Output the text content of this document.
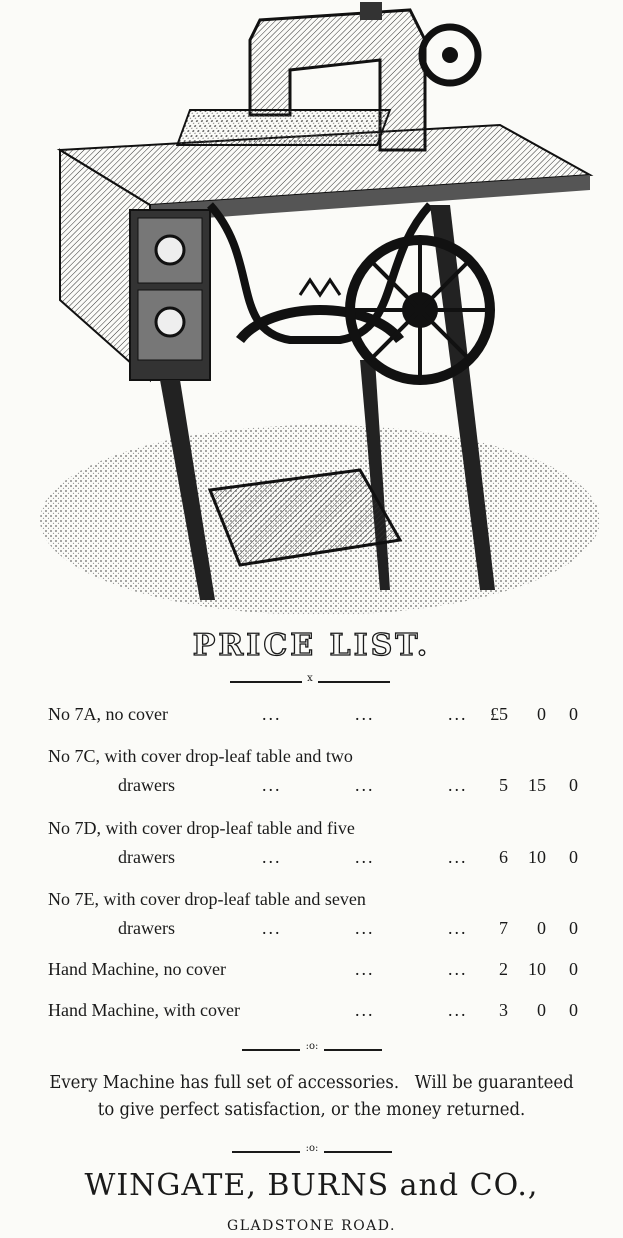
PRICE LIST.
x
No 7A, no cover	...	...	...	£5	0	0
No 7C, with cover drop-leaf table and two
drawers	...	...	...	5	15	0
No 7D, with cover drop-leaf table and five
drawers	...	...	...	6	10	0
No 7E, with cover drop-leaf table and seven
drawers	...	...	...	7	0	0
Hand Machine, no cover	...	...	2	10	0
Hand Machine, with cover	...	...	3	0	0
:o:
Every Machine has full set of accessories.   Will be guaranteed
to give perfect satisfaction, or the money returned.
:o:
WINGATE, BURNS and CO.,
GLADSTONE ROAD.
